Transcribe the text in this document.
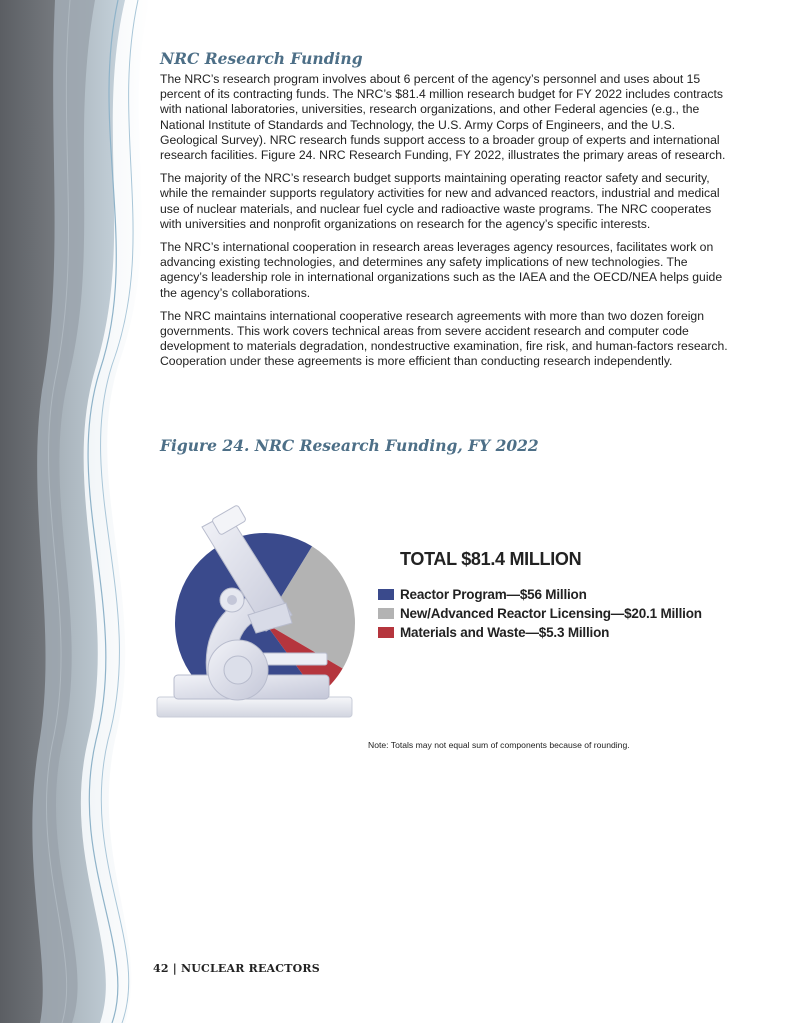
NRC Research Funding

The NRC’s research program involves about 6 percent of the agency’s personnel and uses about 15 percent of its contracting funds. The NRC’s $81.4 million research budget for FY 2022 includes contracts with national laboratories, universities, research organizations, and other Federal agencies (e.g., the National Institute of Standards and Technology, the U.S. Army Corps of Engineers, and the U.S. Geological Survey). NRC research funds support access to a broader group of experts and international research facilities. Figure 24. NRC Research Funding, FY 2022, illustrates the primary areas of research.

The majority of the NRC’s research budget supports maintaining operating reactor safety and security, while the remainder supports regulatory activities for new and advanced reactors, industrial and medical use of nuclear materials, and nuclear fuel cycle and radioactive waste programs. The NRC cooperates with universities and nonprofit organizations on research for the agency’s specific interests.

The NRC’s international cooperation in research areas leverages agency resources, facilitates work on advancing existing technologies, and determines any safety implications of new technologies. The agency’s leadership role in international organizations such as the IAEA and the OECD/NEA helps guide the agency’s collaborations.

The NRC maintains international cooperative research agreements with more than two dozen foreign governments. This work covers technical areas from severe accident research and computer code development to materials degradation, nondestructive examination, fire risk, and human-factors research. Cooperation under these agreements is more efficient than conducting research independently.

Figure 24. NRC Research Funding, FY 2022
TOTAL $81.4 MILLION
Reactor Program—$56 Million
New/Advanced Reactor Licensing—$20.1 Million
Materials and Waste—$5.3 Million
Note: Totals may not equal sum of components because of rounding.
42 | NUCLEAR REACTORS
